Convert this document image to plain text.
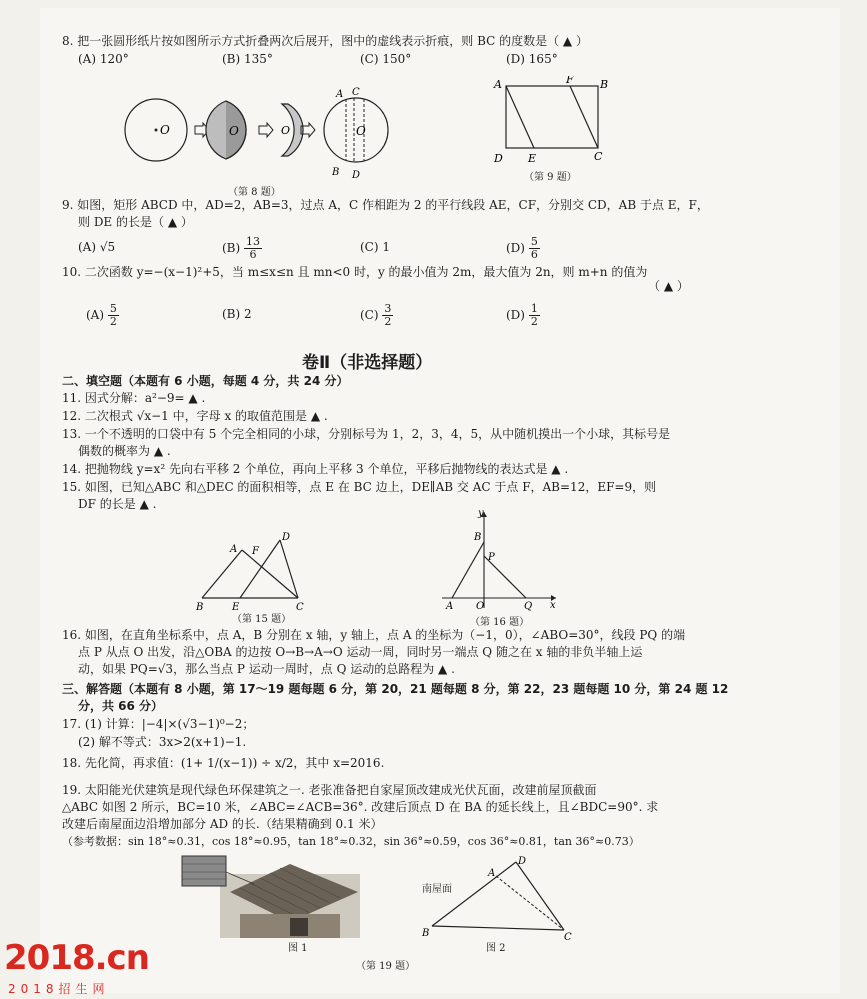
8. 把一张圆形纸片按如图所示方式折叠两次后展开，图中的虚线表示折痕，则 BC 的度数是（ ▲ ）
(A) 120°	(B) 135°	(C) 150°	(D) 165°
O	O	O	O
A C
B D
（第 8 题）
A	F B
D E	C
（第 9 题）
9. 如图，矩形 ABCD 中，AD=2，AB=3，过点 A，C 作相距为 2 的平行线段 AE，CF，分别交 CD，AB 于点 E，F，
则 DE 的长是（ ▲ ）
(A) √5	$(B) \frac{13}{6}$	(C) 1	$(D) \frac{5}{6}$
10. 二次函数 y=−(x−1)²+5，当 m≤x≤n 且 mn<0 时，y 的最小值为 2m，最大值为 2n，则 m+n 的值为
（ ▲ ）
$(A) \frac{5}{2}$	(B) 2	$(C) \frac{3}{2}$	$(D) \frac{1}{2}$
卷Ⅱ（非选择题）
二、填空题（本题有 6 小题，每题 4 分，共 24 分）
11. 因式分解：a²−9= ▲ .
12. 二次根式 √x−1 中，字母 x 的取值范围是 ▲ .
13. 一个不透明的口袋中有 5 个完全相同的小球，分别标号为 1，2，3，4，5，从中随机摸出一个小球，其标号是
偶数的概率为 ▲ .
14. 把抛物线 y=x² 先向右平移 2 个单位，再向上平移 3 个单位，平移后抛物线的表达式是 ▲ .
15. 如图，已知△ABC 和△DEC 的面积相等，点 E 在 BC 边上，DE∥AB 交 AC 于点 F，AB=12，EF=9，则
DF 的长是 ▲ .
A F
D
B	E	C
（第 15 题）
y
B
P
A O	Q x
（第 16 题）
16. 如图，在直角坐标系中，点 A，B 分别在 x 轴，y 轴上，点 A 的坐标为（−1，0），∠ABO=30°，线段 PQ 的端
点 P 从点 O 出发，沿△OBA 的边按 O→B→A→O 运动一周，同时另一端点 Q 随之在 x 轴的非负半轴上运
动，如果 PQ=√3，那么当点 P 运动一周时，点 Q 运动的总路程为 ▲ .
三、解答题（本题有 8 小题，第 17～19 题每题 6 分，第 20，21 题每题 8 分，第 22，23 题每题 10 分，第 24 题 12
分，共 66 分）
17. (1) 计算：|−4|×(√3−1)⁰−2；
(2) 解不等式：3x>2(x+1)−1.
18. 先化简，再求值：(1+ 1/(x−1)) ÷ x/2，其中 x=2016.
19. 太阳能光伏建筑是现代绿色环保建筑之一. 老张准备把自家屋顶改建成光伏瓦面，改建前屋顶截面
△ABC 如图 2 所示，BC=10 米，∠ABC=∠ACB=36°. 改建后顶点 D 在 BA 的延长线上，且∠BDC=90°. 求
改建后南屋面边沿增加部分 AD 的长.（结果精确到 0.1 米）
（参考数据：sin 18°≈0.31，cos 18°≈0.95，tan 18°≈0.32，sin 36°≈0.59，cos 36°≈0.81，tan 36°≈0.73）
图 1
A
D
B	C
南屋面
图 2
（第 19 题）
2018.cn
2018招生网
